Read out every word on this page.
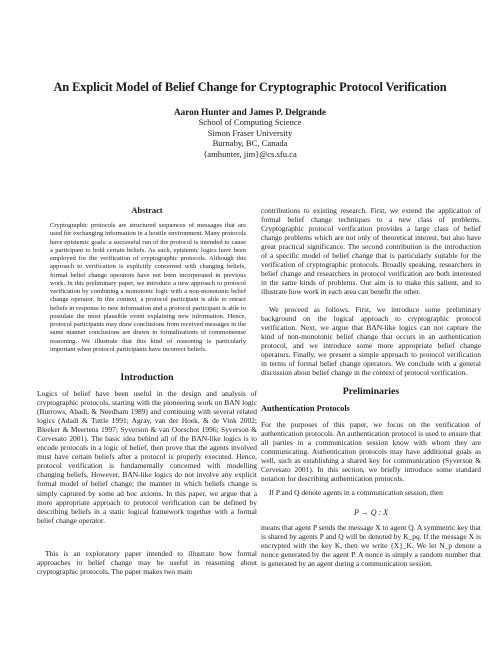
An Explicit Model of Belief Change for Cryptographic Protocol Verification
Aaron Hunter and James P. Delgrande
School of Computing Science
Simon Fraser University
Burnaby, BC, Canada
{amhunter, jim}@cs.sfu.ca
Abstract
Cryptographic protocols are structured sequences of messages that are used for exchanging information in a hostile environment. Many protocols have epistemic goals: a successful run of the protocol is intended to cause a participant to hold certain beliefs. As such, epistemic logics have been employed for the verification of cryptographic protocols. Although this approach to verification is explicitly concerned with changing beliefs, formal belief change operators have not been incorporated in previous work. In this preliminary paper, we introduce a new approach to protocol verification by combining a monotonic logic with a non-monotonic belief change operator. In this context, a protocol participant is able to retract beliefs in response to new information and a protocol participant is able to postulate the most plausible event explaining new information. Hence, protocol participants may draw conclusions from received messages in the same manner conclusions are drawn in formalizations of commonsense reasoning. We illustrate that this kind of reasoning is particularly important when protocol participants have incorrect beliefs.
Introduction
Logics of belief have been useful in the design and analysis of cryptographic protocols, starting with the pioneering work on BAN logic (Burrows, Abadi, & Needham 1989) and continuing with several related logics (Adadi & Tuttle 1991; Agray, van der Hoek, & de Vink 2002; Bleeker & Meertens 1997; Syverson & van Oorschot 1996; Syverson & Cervesato 2001). The basic idea behind all of the BAN-like logics is to encode protocols in a logic of belief, then prove that the agents involved must have certain beliefs after a protocol is properly executed. Hence, protocol verification is fundamentally concerned with modelling changing beliefs. However, BAN-like logics do not involve any explicit formal model of belief change; the manner in which beliefs change is simply captured by some ad hoc axioms. In this paper, we argue that a more appropriate approach to protocol verification can be defined by describing beliefs in a static logical framework together with a formal belief change operator.
This is an exploratory paper intended to illustrate how formal approaches to belief change may be useful in reasoning about cryptographic protocols. The paper makes two main
contributions to existing research. First, we extend the application of formal belief change techniques to a new class of problems. Cryptographic protocol verification provides a large class of belief change problems which are not only of theoretical interest, but also have great practical significance. The second contribution is the introduction of a specific model of belief change that is particularly suitable for the verification of cryptographic protocols. Broadly speaking, researchers in belief change and researchers in protocol verification are both interested in the same kinds of problems. Our aim is to make this salient, and to illustrate how work in each area can benefit the other.
We proceed as follows. First, we introduce some preliminary background on the logical approach to cryptographic protocol verification. Next, we argue that BAN-like logics can not capture the kind of non-monotonic belief change that occurs in an authentication protocol, and we introduce some more appropriate belief change operators. Finally, we present a simple approach to protocol verification in terms of formal belief change operators. We conclude with a general discussion about belief change in the context of protocol verification.
Preliminaries
Authentication Protocols
For the purposes of this paper, we focus on the verification of authentication protocols. An authentication protocol is used to ensure that all parties in a communication session know with whom they are communicating. Authentication protocols may have additional goals as well, such as establishing a shared key for communication (Syverson & Cervesato 2001). In this section, we briefly introduce some standard notation for describing authentication protocols.
If P and Q denote agents in a communication session, then
P → Q : X
means that agent P sends the message X to agent Q. A symmetric key that is shared by agents P and Q will be denoted by K_pq. If the message X is encrypted with the key K, then we write {X}_K. We let N_p denote a nonce generated by the agent P. A nonce is simply a random number that is generated by an agent during a communication session.
